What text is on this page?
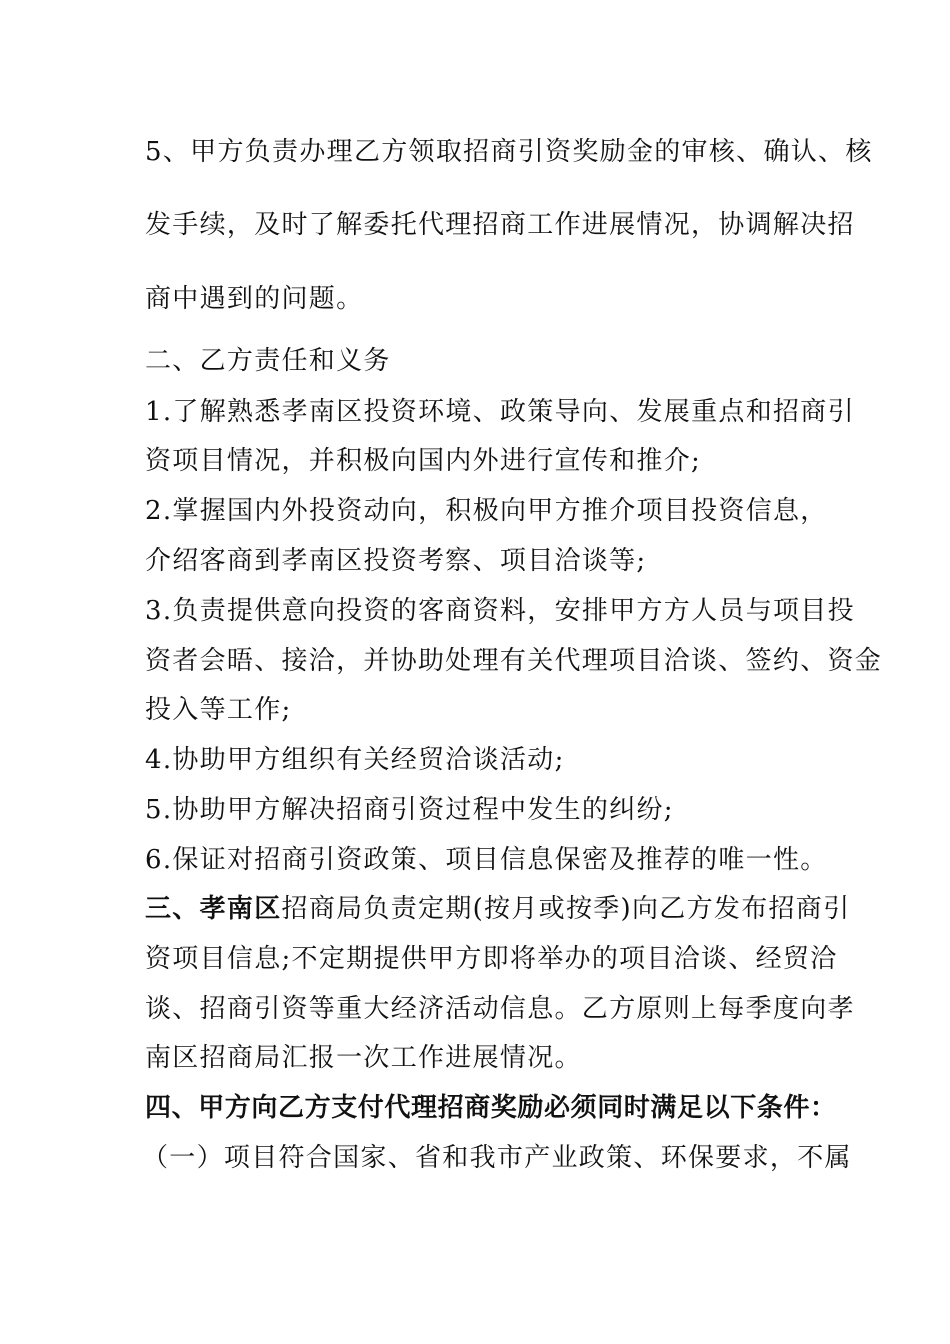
5、甲方负责办理乙方领取招商引资奖励金的审核、确认、核

发手续，及时了解委托代理招商工作进展情况，协调解决招

商中遇到的问题。

二、乙方责任和义务

1.了解熟悉孝南区投资环境、政策导向、发展重点和招商引

资项目情况，并积极向国内外进行宣传和推介;

2.掌握国内外投资动向，积极向甲方推介项目投资信息，

介绍客商到孝南区投资考察、项目洽谈等;

3.负责提供意向投资的客商资料，安排甲方方人员与项目投

资者会晤、接洽，并协助处理有关代理项目洽谈、签约、资金

投入等工作;

4.协助甲方组织有关经贸洽谈活动;

5.协助甲方解决招商引资过程中发生的纠纷;

6.保证对招商引资政策、项目信息保密及推荐的唯一性。

三、孝南区招商局负责定期(按月或按季)向乙方发布招商引

资项目信息;不定期提供甲方即将举办的项目洽谈、经贸洽

谈、招商引资等重大经济活动信息。乙方原则上每季度向孝

南区招商局汇报一次工作进展情况。

四、甲方向乙方支付代理招商奖励必须同时满足以下条件：

（一）项目符合国家、省和我市产业政策、环保要求，不属
